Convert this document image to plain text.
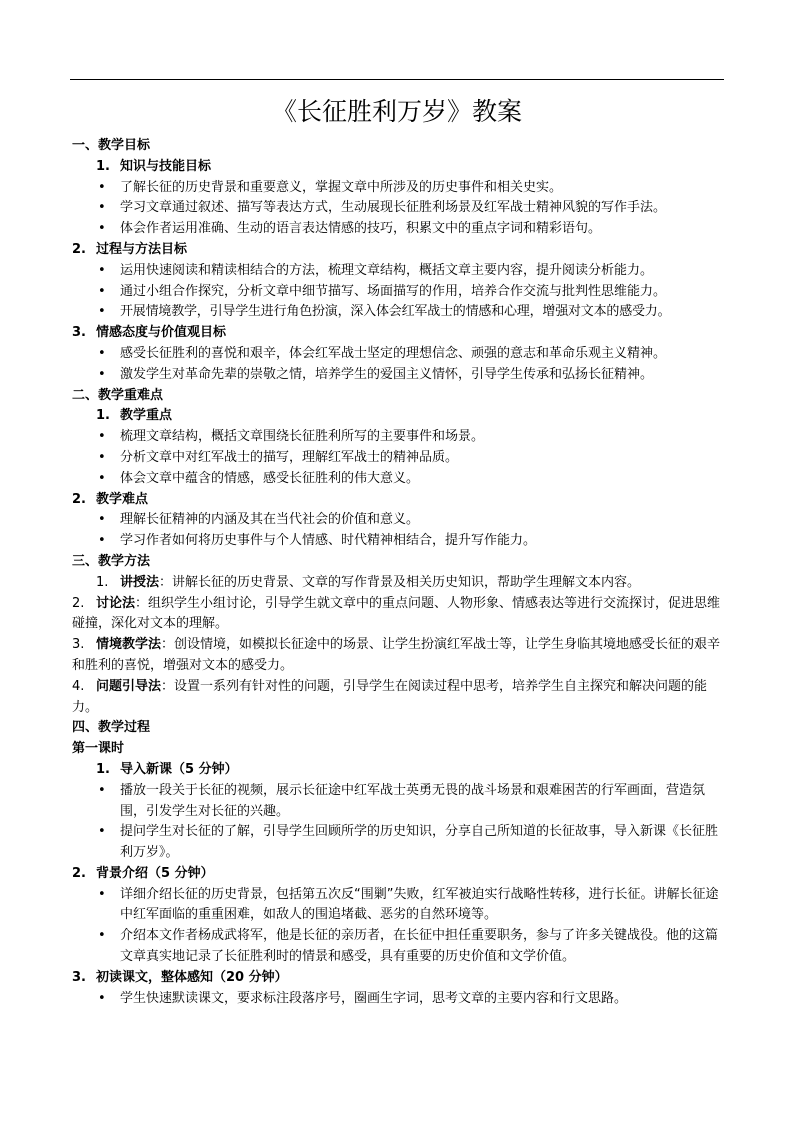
《长征胜利万岁》教案
一、教学目标
1. 知识与技能目标
• 了解长征的历史背景和重要意义，掌握文章中所涉及的历史事件和相关史实。
• 学习文章通过叙述、描写等表达方式，生动展现长征胜利场景及红军战士精神风貌的写作手法。
• 体会作者运用准确、生动的语言表达情感的技巧，积累文中的重点字词和精彩语句。
2. 过程与方法目标
• 运用快速阅读和精读相结合的方法，梳理文章结构，概括文章主要内容，提升阅读分析能力。
• 通过小组合作探究，分析文章中细节描写、场面描写的作用，培养合作交流与批判性思维能力。
• 开展情境教学，引导学生进行角色扮演，深入体会红军战士的情感和心理，增强对文本的感受力。
3. 情感态度与价值观目标
• 感受长征胜利的喜悦和艰辛，体会红军战士坚定的理想信念、顽强的意志和革命乐观主义精神。
• 激发学生对革命先辈的崇敬之情，培养学生的爱国主义情怀，引导学生传承和弘扬长征精神。
二、教学重难点
1. 教学重点
• 梳理文章结构，概括文章围绕长征胜利所写的主要事件和场景。
• 分析文章中对红军战士的描写，理解红军战士的精神品质。
• 体会文章中蕴含的情感，感受长征胜利的伟大意义。
2. 教学难点
• 理解长征精神的内涵及其在当代社会的价值和意义。
• 学习作者如何将历史事件与个人情感、时代精神相结合，提升写作能力。
三、教学方法
1. 讲授法：讲解长征的历史背景、文章的写作背景及相关历史知识，帮助学生理解文本内容。
2. 讨论法：组织学生小组讨论，引导学生就文章中的重点问题、人物形象、情感表达等进行交流探讨，促进思维碰撞，深化对文本的理解。
3. 情境教学法：创设情境，如模拟长征途中的场景、让学生扮演红军战士等，让学生身临其境地感受长征的艰辛和胜利的喜悦，增强对文本的感受力。
4. 问题引导法：设置一系列有针对性的问题，引导学生在阅读过程中思考，培养学生自主探究和解决问题的能力。
四、教学过程
第一课时
1. 导入新课（5 分钟）
• 播放一段关于长征的视频，展示长征途中红军战士英勇无畏的战斗场景和艰难困苦的行军画面，营造氛围，引发学生对长征的兴趣。
• 提问学生对长征的了解，引导学生回顾所学的历史知识，分享自己所知道的长征故事，导入新课《长征胜利万岁》。
2. 背景介绍（5 分钟）
• 详细介绍长征的历史背景，包括第五次反“围剿”失败，红军被迫实行战略性转移，进行长征。讲解长征途中红军面临的重重困难，如敌人的围追堵截、恶劣的自然环境等。
• 介绍本文作者杨成武将军，他是长征的亲历者，在长征中担任重要职务，参与了许多关键战役。他的这篇文章真实地记录了长征胜利时的情景和感受，具有重要的历史价值和文学价值。
3. 初读课文，整体感知（20 分钟）
• 学生快速默读课文，要求标注段落序号，圈画生字词，思考文章的主要内容和行文思路。
